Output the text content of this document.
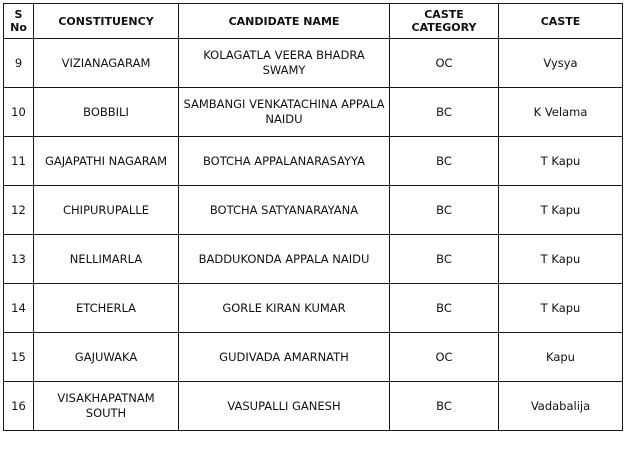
S No	CONSTITUENCY	CANDIDATE NAME	CASTE CATEGORY	CASTE
9	VIZIANAGARAM	KOLAGATLA VEERA BHADRA SWAMY	OC	Vysya
10	BOBBILI	SAMBANGI VENKATACHINA APPALA NAIDU	BC	K Velama
11	GAJAPATHI NAGARAM	BOTCHA APPALANARASAYYA	BC	T Kapu
12	CHIPURUPALLE	BOTCHA SATYANARAYANA	BC	T Kapu
13	NELLIMARLA	BADDUKONDA APPALA NAIDU	BC	T Kapu
14	ETCHERLA	GORLE KIRAN KUMAR	BC	T Kapu
15	GAJUWAKA	GUDIVADA AMARNATH	OC	Kapu
16	VISAKHAPATNAM SOUTH	VASUPALLI GANESH	BC	Vadabalija
